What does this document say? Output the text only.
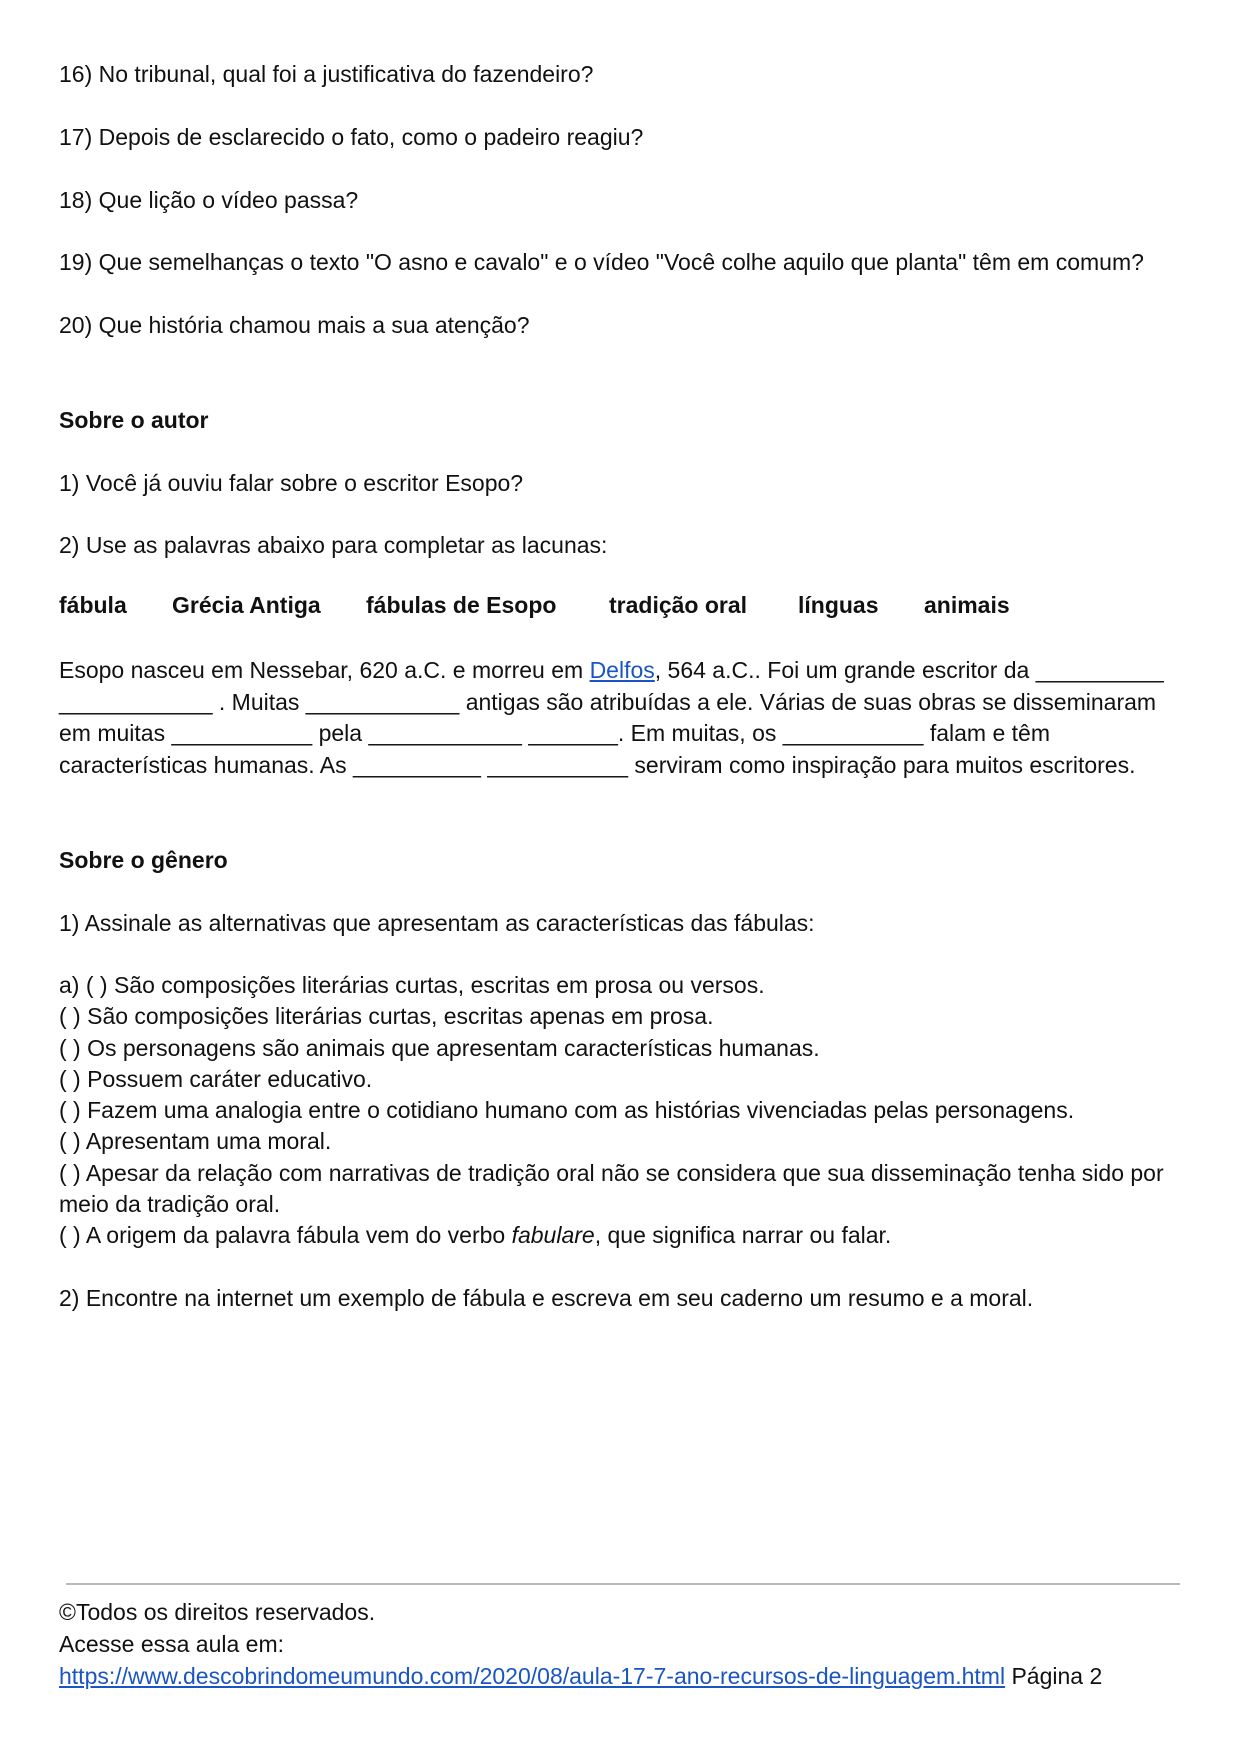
16) No tribunal, qual foi a justificativa do fazendeiro?
17) Depois de esclarecido o fato, como o padeiro reagiu?
18) Que lição o vídeo passa?
19) Que semelhanças o texto "O asno e cavalo" e o vídeo "Você colhe aquilo que planta" têm em comum?
20) Que história chamou mais a sua atenção?
Sobre o autor
1) Você já ouviu falar sobre o escritor Esopo?
2) Use as palavras abaixo para completar as lacunas:
fábula Grécia Antiga fábulas de Esopo tradição oral línguas animais
Esopo nasceu em Nessebar, 620 a.C. e morreu em Delfos, 564 a.C.. Foi um grande escritor da __________
____________ . Muitas ____________ antigas são atribuídas a ele. Várias de suas obras se disseminaram
em muitas ___________ pela ____________ _______. Em muitas, os ___________ falam e têm
características humanas. As __________ ___________ serviram como inspiração para muitos escritores.
Sobre o gênero
1) Assinale as alternativas que apresentam as características das fábulas:
a) ( ) São composições literárias curtas, escritas em prosa ou versos.
( ) São composições literárias curtas, escritas apenas em prosa.
( ) Os personagens são animais que apresentam características humanas.
( ) Possuem caráter educativo.
( ) Fazem uma analogia entre o cotidiano humano com as histórias vivenciadas pelas personagens.
( ) Apresentam uma moral.
( ) Apesar da relação com narrativas de tradição oral não se considera que sua disseminação tenha sido por
meio da tradição oral.
( ) A origem da palavra fábula vem do verbo fabulare, que significa narrar ou falar.
2) Encontre na internet um exemplo de fábula e escreva em seu caderno um resumo e a moral.
©Todos os direitos reservados.
Acesse essa aula em:
https://www.descobrindomeumundo.com/2020/08/aula-17-7-ano-recursos-de-linguagem.html Página 2
